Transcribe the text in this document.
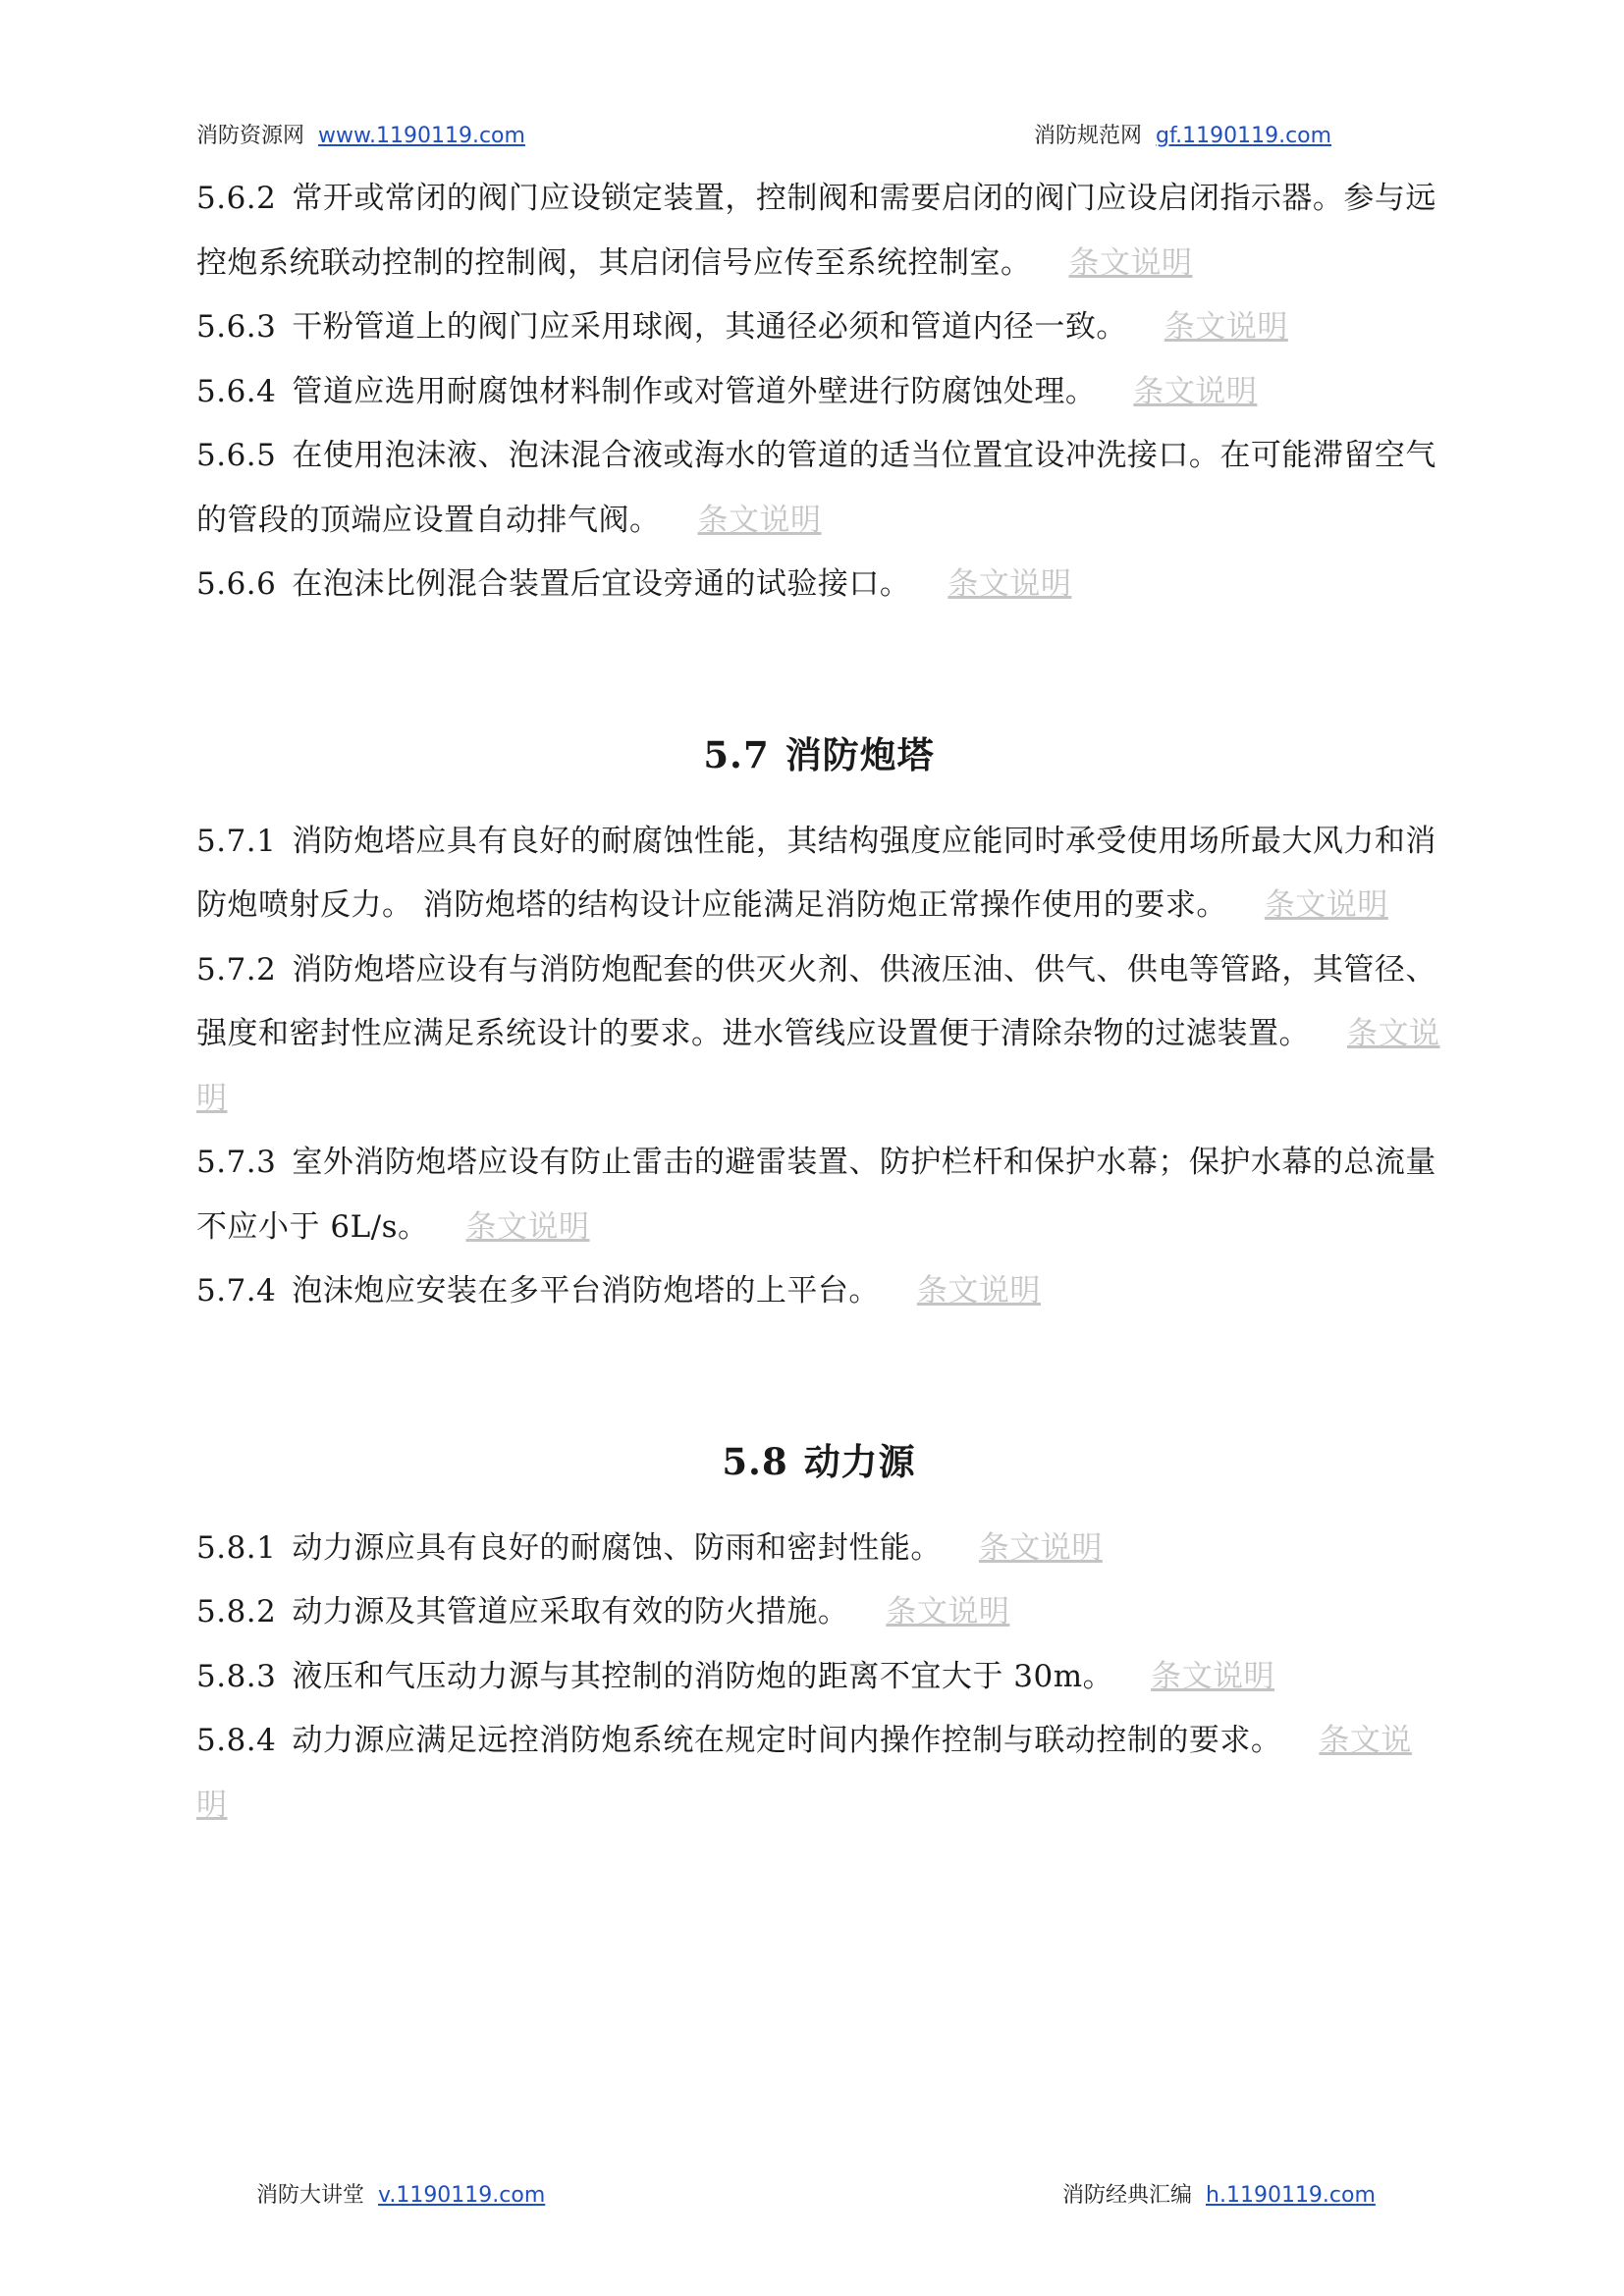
消防资源网 www.1190119.com	消防规范网 gf.1190119.com

5.6.2 常开或常闭的阀门应设锁定装置，控制阀和需要启闭的阀门应设启闭指示器。参与远控炮系统联动控制的控制阀，其启闭信号应传至系统控制室。 条文说明

5.6.3 干粉管道上的阀门应采用球阀，其通径必须和管道内径一致。 条文说明

5.6.4 管道应选用耐腐蚀材料制作或对管道外壁进行防腐蚀处理。 条文说明

5.6.5 在使用泡沫液、泡沫混合液或海水的管道的适当位置宜设冲洗接口。在可能滞留空气的管段的顶端应设置自动排气阀。 条文说明

5.6.6 在泡沫比例混合装置后宜设旁通的试验接口。 条文说明

5.7 消防炮塔

5.7.1 消防炮塔应具有良好的耐腐蚀性能，其结构强度应能同时承受使用场所最大风力和消防炮喷射反力。 消防炮塔的结构设计应能满足消防炮正常操作使用的要求。 条文说明

5.7.2 消防炮塔应设有与消防炮配套的供灭火剂、供液压油、供气、供电等管路，其管径、强度和密封性应满足系统设计的要求。进水管线应设置便于清除杂物的过滤装置。 条文说明

5.7.3 室外消防炮塔应设有防止雷击的避雷装置、防护栏杆和保护水幕；保护水幕的总流量不应小于 6L/s。 条文说明

5.7.4 泡沫炮应安装在多平台消防炮塔的上平台。 条文说明

5.8 动力源

5.8.1 动力源应具有良好的耐腐蚀、防雨和密封性能。 条文说明

5.8.2 动力源及其管道应采取有效的防火措施。 条文说明

5.8.3 液压和气压动力源与其控制的消防炮的距离不宜大于 30m。 条文说明

5.8.4 动力源应满足远控消防炮系统在规定时间内操作控制与联动控制的要求。 条文说明

消防大讲堂 v.1190119.com	消防经典汇编 h.1190119.com
